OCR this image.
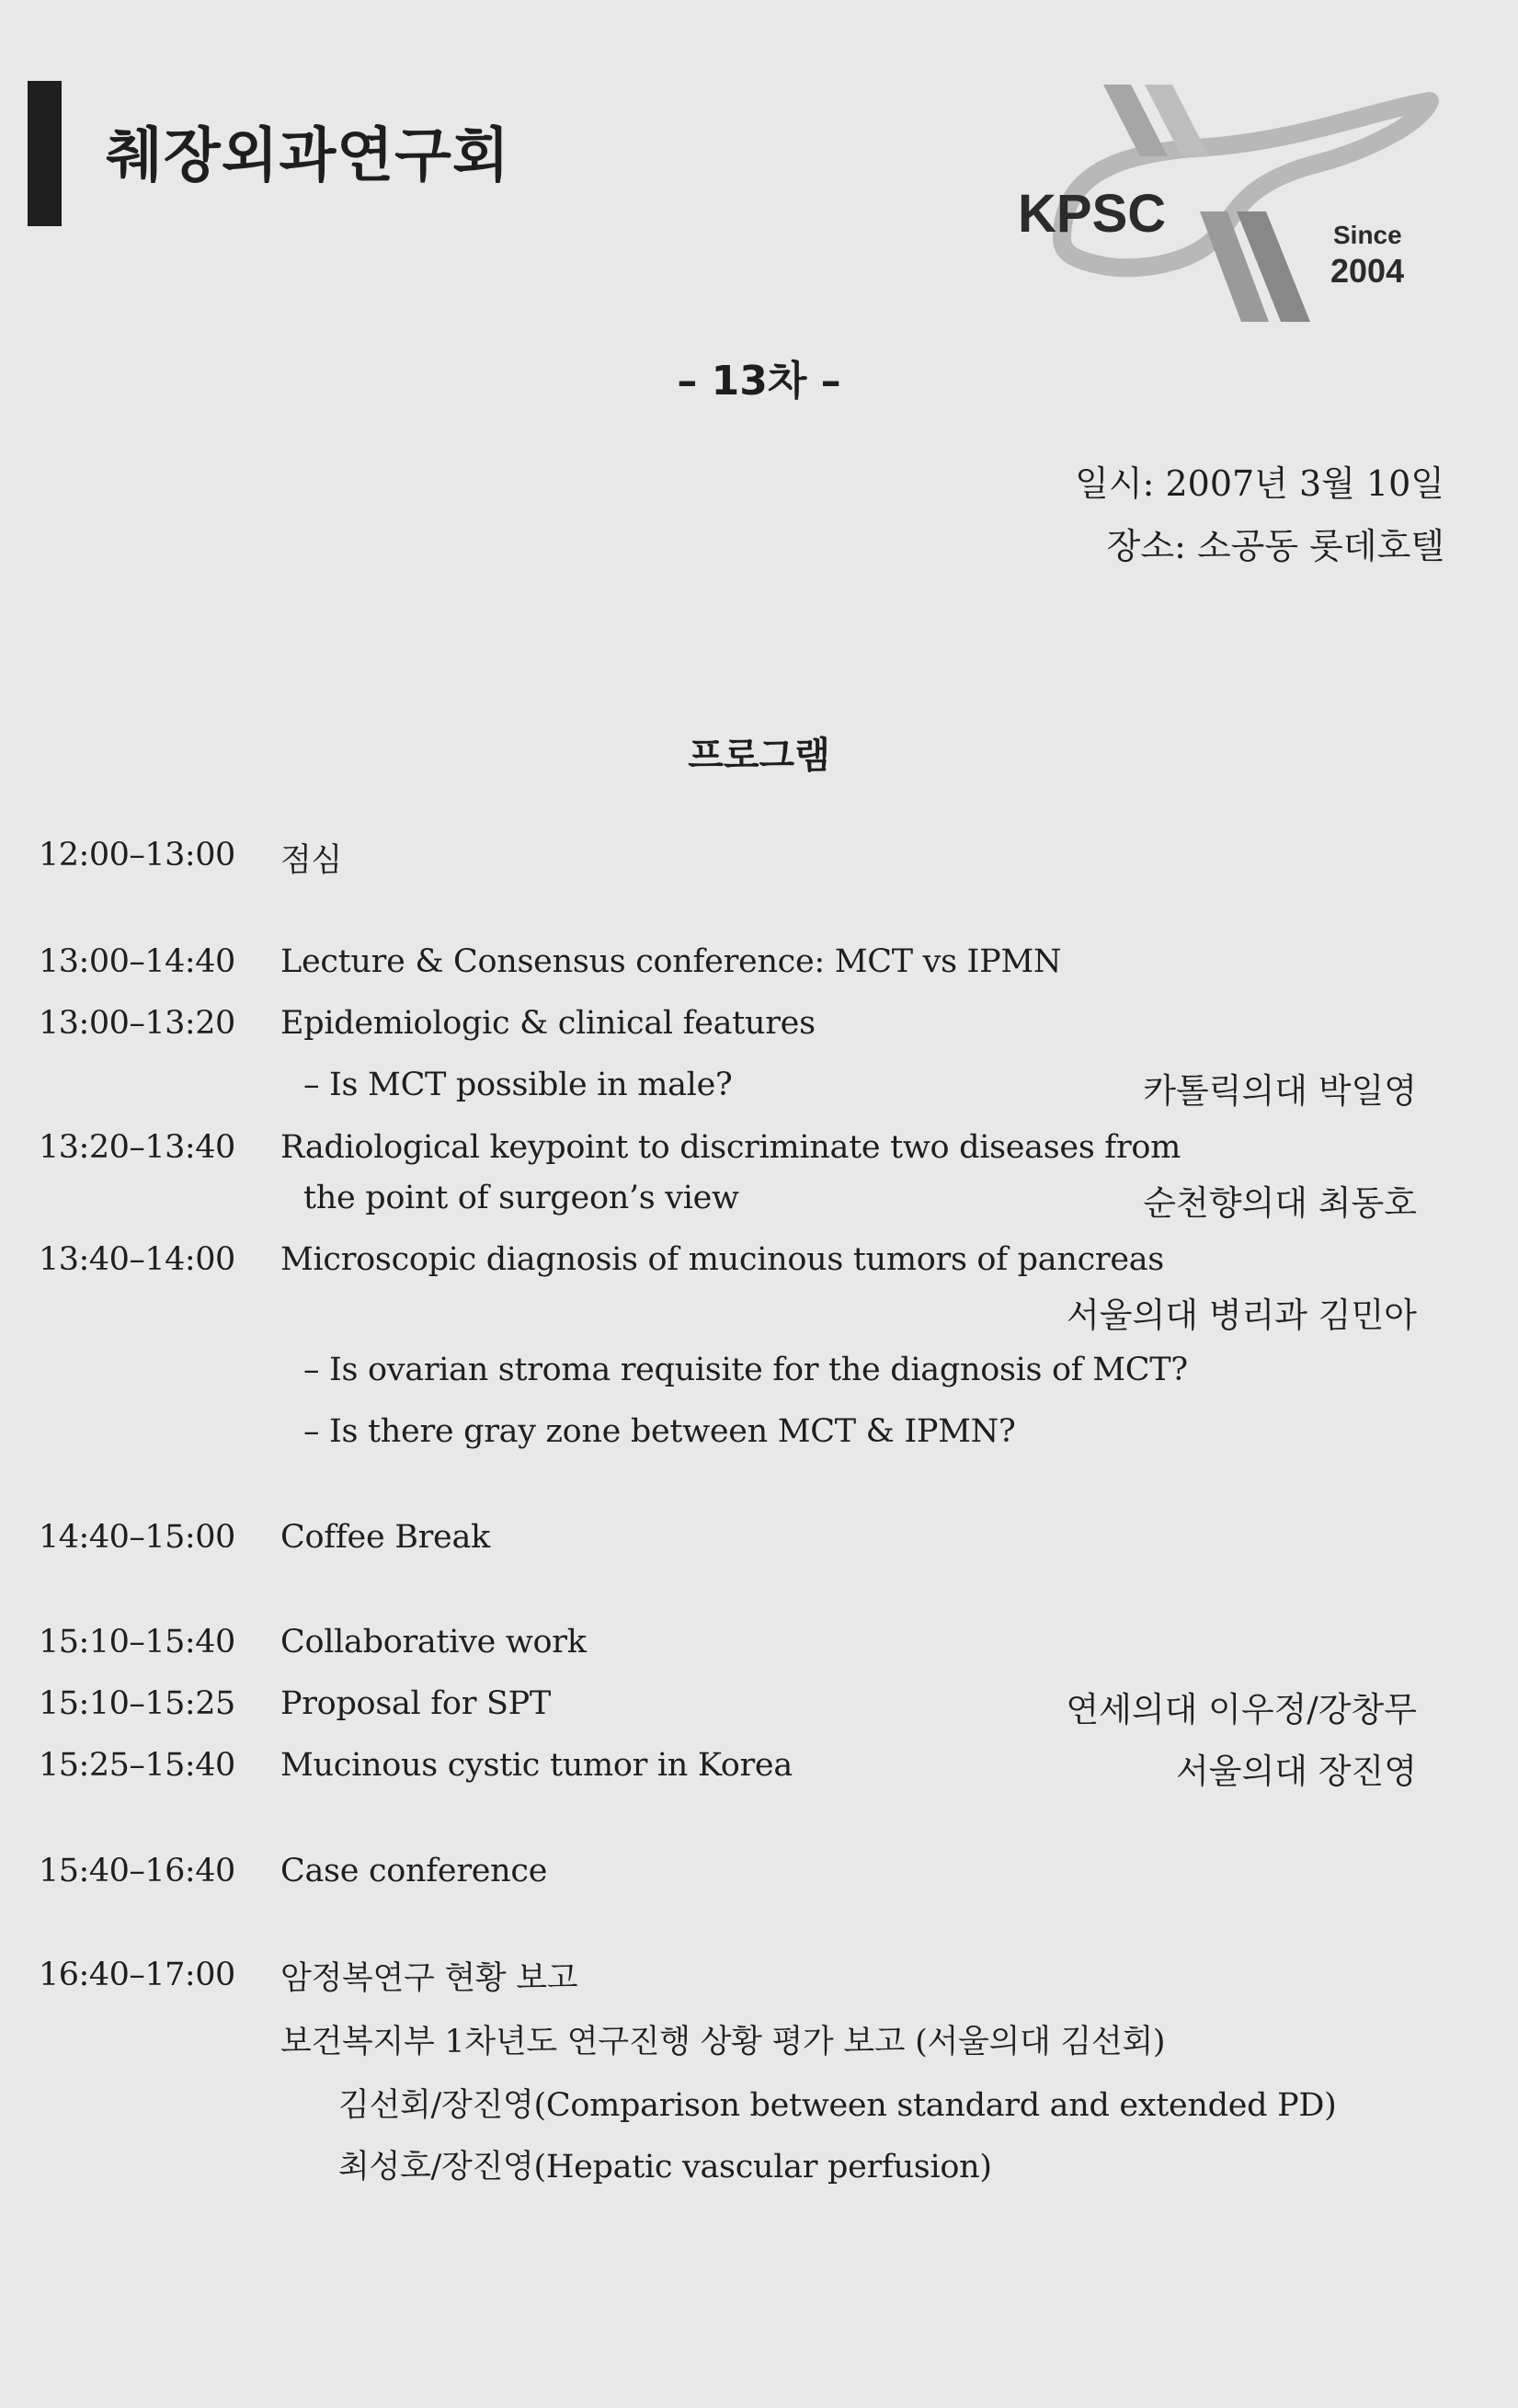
췌장외과연구회
KPSC	Since
2004
– 13차 –
일시: 2007년 3월 10일
장소: 소공동 롯데호텔
프로그램
12:00–13:00 점심
13:00–14:40 Lecture & Consensus conference: MCT vs IPMN
13:00–13:20 Epidemiologic & clinical features
– Is MCT possible in male?	카톨릭의대 박일영
13:20–13:40 Radiological keypoint to discriminate two diseases from
the point of surgeon’s view	순천향의대 최동호
13:40–14:00 Microscopic diagnosis of mucinous tumors of pancreas
서울의대 병리과 김민아
– Is ovarian stroma requisite for the diagnosis of MCT?
– Is there gray zone between MCT & IPMN?
14:40–15:00 Coffee Break
15:10–15:40 Collaborative work
15:10–15:25 Proposal for SPT	연세의대 이우정/강창무
15:25–15:40 Mucinous cystic tumor in Korea	서울의대 장진영
15:40–16:40 Case conference
16:40–17:00 암정복연구 현황 보고
보건복지부 1차년도 연구진행 상황 평가 보고 (서울의대 김선회)
김선회/장진영(Comparison between standard and extended PD)
최성호/장진영(Hepatic vascular perfusion)
